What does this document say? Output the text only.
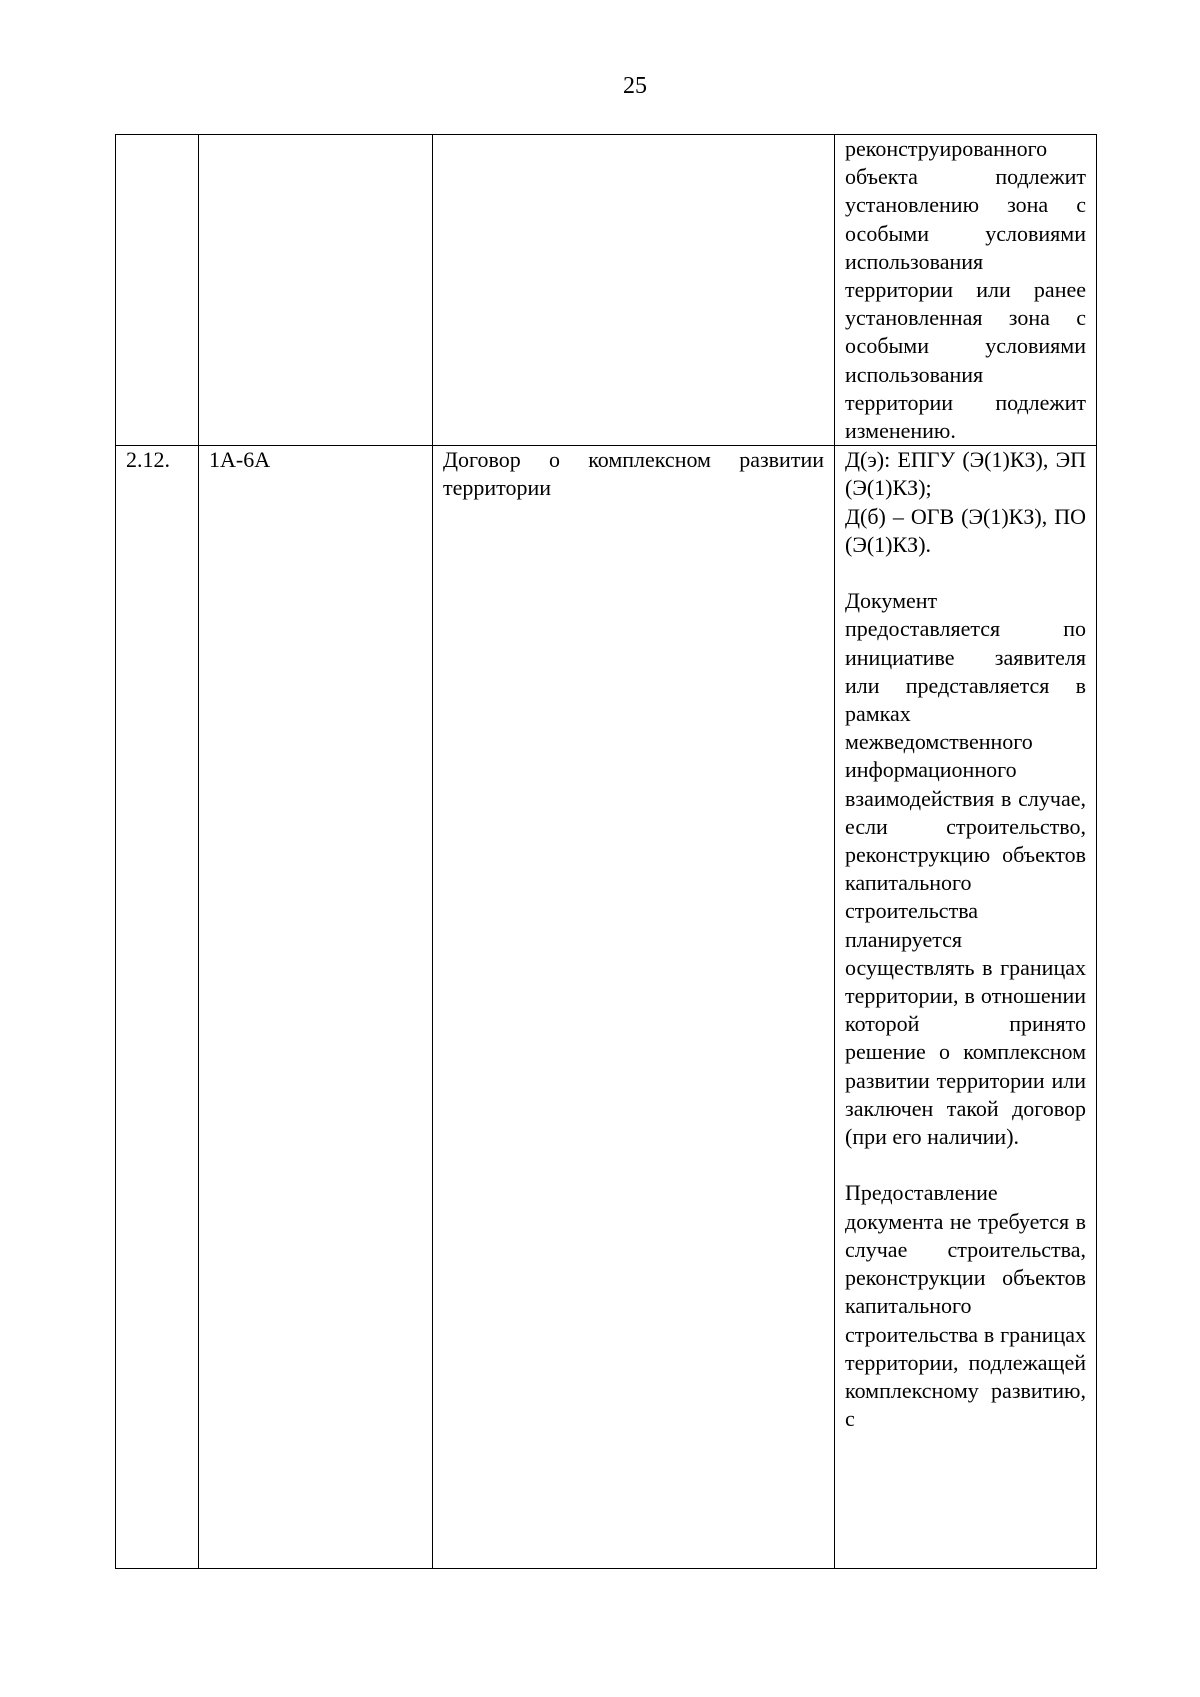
25

			реконструированного объекта подлежит установлению зона с особыми условиями использования территории или ранее установленная зона с особыми условиями использования территории подлежит изменению.

2.12.	1А-6А	Договор о комплексном развитии территории	Д(э): ЕПГУ (Э(1)КЗ), ЭП (Э(1)КЗ);
Д(б) – ОГВ (Э(1)КЗ), ПО (Э(1)КЗ).
Документ предоставляется по инициативе заявителя или представляется в рамках межведомственного информационного взаимодействия в случае, если строительство, реконструкцию объектов капитального строительства планируется осуществлять в границах территории, в отношении которой принято решение о комплексном развитии территории или заключен такой договор (при его наличии).
Предоставление документа не требуется в случае строительства, реконструкции объектов капитального строительства в границах территории, подлежащей комплексному развитию, с
